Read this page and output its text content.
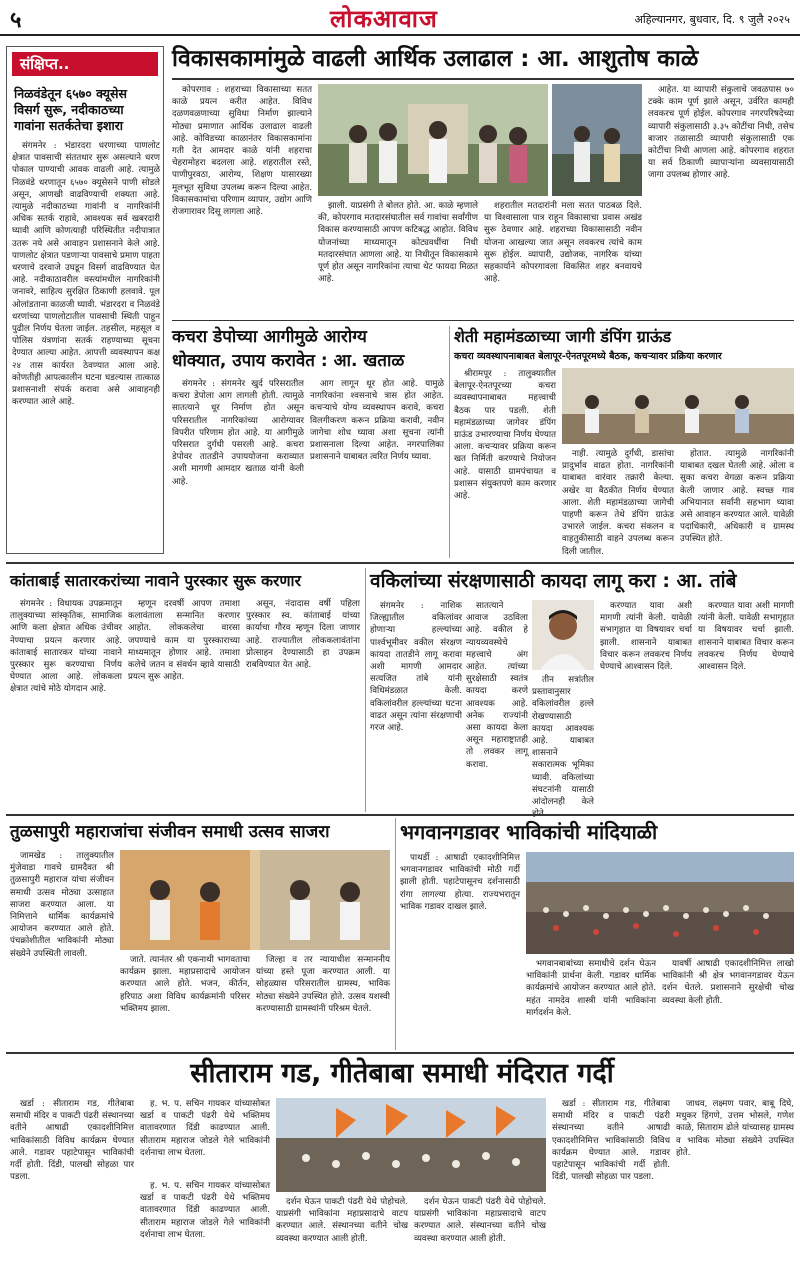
५	लोकआवाज	अहिल्यानगर, बुधवार, दि. ९ जुलै २०२५
संक्षिप्त..
निळवंडेतून ६५७० क्यूसेस
विसर्ग सुरू, नदीकाठच्या
गावांना सतर्कतेचा इशारा

संगमनेर : भंडारदरा धरणाच्या पाणलोट क्षेत्रात पावसाची संततधार सुरू असल्याने धरण पोकाल पाण्याची आवक वाढली आहे. त्यामुळे निळवंडे धरणातून ६५७० क्यूसेसने पाणी सोडले असून, आणखी वाढविण्याची शक्यता आहे. त्यामुळे नदीकाठच्या गावांनी व नागरिकांनी अधिक सतर्क राहावे, आवश्यक सर्व खबरदारी घ्यावी आणि कोणत्याही परिस्थितीत नदीपात्रात उतरू नये असे आवाहन प्रशासनाने केले आहे. पाणलोट क्षेत्रात पडणाऱ्या पावसाचे प्रमाण पाहता धरणाचे दरवाजे उघडून विसर्ग वाढविण्यात येत आहे. नदीकाठावरील वस्त्यांमधील नागरिकांनी जनावरे, साहित्य सुरक्षित ठिकाणी हलवावे. पूल ओलांडताना काळजी घ्यावी. भंडारदरा व निळवंडे धरणांच्या पाणलोटातील पावसाची स्थिती पाहून पुढील निर्णय घेतला जाईल. तहसील, महसूल व पोलिस यंत्रणांना सतर्क राहण्याच्या सूचना देण्यात आल्या आहेत. आपत्ती व्यवस्थापन कक्ष २४ तास कार्यरत ठेवण्यात आला आहे. कोणतीही आपत्कालीन घटना घडल्यास तात्काळ प्रशासनाशी संपर्क करावा असे आवाहनही करण्यात आले आहे.

विकासकामांमुळे वाढली आर्थिक उलाढाल : आ. आशुतोष काळे

कोपरगाव : शहराच्या विकासाच्या सतत काळे प्रयत्न करीत आहेत. विविध दळणवळणाच्या सुविधा निर्माण झाल्याने मोठ्या प्रमाणात आर्थिक उलाढाल वाढली आहे. कोविडच्या काळानंतर विकासकामांना गती देत आमदार काळे यांनी शहराचा चेहरामोहरा बदलला आहे. शहरातील रस्ते, पाणीपुरवठा, आरोग्य, शिक्षण यासारख्या मूलभूत सुविधा उपलब्ध करून दिल्या आहेत. विकासकामांचा परिणाम व्यापार, उद्योग आणि रोजगारावर दिसू लागला आहे.

झाली. याप्रसंगी ते बोलत होते. आ. काळे म्हणाले की, कोपरगाव मतदारसंघातील सर्व गावांचा सर्वांगीण विकास करण्यासाठी आपण कटिबद्ध आहोत. विविध योजनांच्या माध्यमातून कोट्यवधींचा निधी मतदारसंघात आणला आहे. या निधीतून विकासकामे पूर्ण होत असून नागरिकांना त्याचा थेट फायदा मिळत आहे.

शहरातील मतदारांनी मला सतत पाठबळ दिले. या विश्वासाला पात्र राहून विकासाचा प्रवास अखंड सुरू ठेवणार आहे. शहराच्या विकासासाठी नवीन योजना आखल्या जात असून लवकरच त्यांचे काम सुरू होईल. व्यापारी, उद्योजक, नागरिक यांच्या सहकार्याने कोपरगावला विकसित शहर बनवायचे आहे.

आहेत. या व्यापारी संकुलाचे जवळपास ७० टक्के काम पूर्ण झाले असून, उर्वरित कामही लवकरच पूर्ण होईल. कोपरगाव नगरपरिषदेच्या व्यापारी संकुलासाठी ३.३५ कोटींचा निधी, तसेच बाजार तळासाठी व्यापारी संकुलासाठी एक कोटींचा निधी आणला आहे. कोपरगाव शहरात या सर्व ठिकाणी व्यापाऱ्यांना व्यवसायासाठी जागा उपलब्ध होणार आहे.

कचरा डेपोच्या आगीमुळे आरोग्य
धोक्यात, उपाय करावेत : आ. खताळ

संगमनेर : संगमनेर खुर्द परिसरातील कचरा डेपोला आग लागली होती. त्यामुळे सातत्याने धूर निर्माण होत असून परिसरातील नागरिकांच्या आरोग्यावर विपरीत परिणाम होत आहे. या आगीमुळे परिसरात दुर्गंधी पसरली आहे. कचरा डेपोवर तातडीने उपाययोजना कराव्यात अशी मागणी आमदार खताळ यांनी केली आहे.

आग लागून धूर होत आहे. यामुळे नागरिकांना श्वसनाचे त्रास होत आहेत. कचऱ्याचे योग्य व्यवस्थापन करावे, कचरा विलगीकरण करून प्रक्रिया करावी, नवीन जागेचा शोध घ्यावा अशा सूचना त्यांनी प्रशासनाला दिल्या आहेत. नगरपालिका प्रशासनाने याबाबत त्वरित निर्णय घ्यावा.

शेती महामंडळाच्या जागी डंपिंग ग्राऊंड
कचरा व्यवस्थापनाबाबत बेलापूर-ऐनतपूरमध्ये बैठक, कचऱ्यावर प्रक्रिया करणार

श्रीरामपूर : तालुक्यातील बेलापूर-ऐनतपूरच्या कचरा व्यवस्थापनाबाबत महत्त्वाची बैठक पार पडली. शेती महामंडळाच्या जागेवर डंपिंग ग्राऊंड उभारण्याचा निर्णय घेण्यात आला. कचऱ्यावर प्रक्रिया करून खत निर्मिती करण्याचे नियोजन आहे. यासाठी ग्रामपंचायत व प्रशासन संयुक्तपणे काम करणार आहे.

नाही. त्यामुळे दुर्गंधी, डासांचा प्रादुर्भाव वाढत होता. नागरिकांनी याबाबत वारंवार तक्रारी केल्या. अखेर या बैठकीत निर्णय घेण्यात आला. शेती महामंडळाच्या जागेची पाहणी करून तेथे डंपिंग ग्राऊंड उभारले जाईल. कचरा संकलन व वाहतुकीसाठी वाहने उपलब्ध करून दिली जातील.

होतात. त्यामुळे नागरिकांनी याबाबत दखल घेतली आहे. ओला व सुका कचरा वेगळा करून प्रक्रिया केली जाणार आहे. स्वच्छ गाव अभियानात सर्वांनी सहभाग घ्यावा असे आवाहन करण्यात आले. यावेळी पदाधिकारी, अधिकारी व ग्रामस्थ उपस्थित होते.

कांताबाई सातारकरांच्या नावाने पुरस्कार सुरू करणार

संगमनेर : विधायक उपक्रमातून तालुक्याच्या सांस्कृतिक, सामाजिक आणि कला क्षेत्रात अधिक उंचीवर नेण्याचा प्रयत्न करणार आहे. कांताबाई सातारकर यांच्या नावाने पुरस्कार सुरू करण्याचा निर्णय घेण्यात आला आहे. लोककला क्षेत्रात त्यांचे मोठे योगदान आहे.

म्हणून दरवर्षी आपण तमाशा कलावंताला सन्मानित करणार आहोत. लोककलेचा वारसा जपण्याचे काम या पुरस्काराच्या माध्यमातून होणार आहे. तमाशा कलेचे जतन व संवर्धन व्हावे यासाठी प्रयत्न सुरू आहेत.

असून, नंदादास वर्षी पहिला पुरस्कार स्व. कांताबाई यांच्या कार्याचा गौरव म्हणून दिला जाणार आहे. राज्यातील लोककलावंतांना प्रोत्साहन देण्यासाठी हा उपक्रम राबविण्यात येत आहे.

वकिलांच्या संरक्षणासाठी कायदा लागू करा : आ. तांबे

संगमनेर : नाशिक जिल्ह्यातील वकिलांवर होणाऱ्या हल्ल्यांच्या पार्श्वभूमीवर वकील संरक्षण कायदा तातडीने लागू करावा अशी मागणी आमदार सत्यजित तांबे यांनी विधिमंडळात केली. वकिलांवरील हल्ल्यांच्या घटना वाढत असून त्यांना संरक्षणाची गरज आहे.

सातत्याने आवाज उठविला आहे. वकील हे न्यायव्यवस्थेचे महत्त्वाचे अंग आहेत. त्यांच्या सुरक्षेसाठी स्वतंत्र कायदा करणे आवश्यक आहे. अनेक राज्यांनी असा कायदा केला असून महाराष्ट्रातही तो लवकर लागू करावा.

तीन सत्रांतील प्रस्तावानुसार वकिलांवरील हल्ले रोखण्यासाठी कायदा आवश्यक आहे. याबाबत शासनाने सकारात्मक भूमिका घ्यावी. वकिलांच्या संघटनांनी यासाठी आंदोलनही केले

करण्यात यावा अशी मागणी त्यांनी केली. यावेळी सभागृहात या विषयावर चर्चा झाली. शासनाने याबाबत विचार करून लवकरच निर्णय घेण्याचे आश्वासन दिले.

करण्यात यावा अशी मागणी त्यांनी केली. यावेळी सभागृहात या विषयावर चर्चा झाली. शासनाने याबाबत विचार करून लवकरच निर्णय घेण्याचे आश्वासन दिले.

तुळसापुरी महाराजांचा संजीवन समाधी उत्सव साजरा

जामखेड : तालुक्यातील मुंजेवाडा गावचे ग्रामदैवत श्री तुळसापुरी महाराज यांचा संजीवन समाधी उत्सव मोठ्या उत्साहात साजरा करण्यात आला. या निमित्ताने धार्मिक कार्यक्रमांचे आयोजन करण्यात आले होते. पंचक्रोशीतील भाविकांनी मोठ्या संख्येने उपस्थिती लावली.

जाते. त्यानंतर श्री एकनाथी भागवताचा कार्यक्रम झाला. महाप्रसादाचे आयोजन करण्यात आले होते. भजन, कीर्तन, हरिपाठ अशा विविध कार्यक्रमांनी परिसर भक्तिमय झाला.

जिल्हा व तर न्यायाधीश सन्माननीय यांच्या हस्ते पूजा करण्यात आली. या सोहळ्यास परिसरातील ग्रामस्थ, भाविक मोठ्या संख्येने उपस्थित होते. उत्सव यशस्वी करण्यासाठी ग्रामस्थांनी परिश्रम घेतले.

भगवानगडावर भाविकांची मांदियाळी

पाथर्डी : आषाढी एकादशीनिमित्त भगवानगडावर भाविकांची मोठी गर्दी झाली होती. पहाटेपासूनच दर्शनासाठी रांगा लागल्या होत्या. राज्यभरातून भाविक गडावर दाखल झाले.

भगवानबाबांच्या समाधीचे दर्शन घेऊन भाविकांनी प्रार्थना केली. गडावर धार्मिक कार्यक्रमांचे आयोजन करण्यात आले होते. महंत नामदेव शास्त्री यांनी भाविकांना मार्गदर्शन केले.

यावर्षी आषाढी एकादशीनिमित्त लाखो भाविकांनी श्री क्षेत्र भगवानगडावर येऊन दर्शन घेतले. प्रशासनाने सुरक्षेची चोख व्यवस्था केली होती.

सीताराम गड, गीतेबाबा समाधी मंदिरात गर्दी

खर्डा : सीताराम गड, गीतेबाबा समाधी मंदिर व पाकटी पंढरी संस्थानच्या वतीने आषाढी एकादशीनिमित्त भाविकांसाठी विविध कार्यक्रम घेण्यात आले. गडावर पहाटेपासून भाविकांची गर्दी होती. दिंडी, पालखी सोहळा पार पडला.

ह. भ. प. सचिन गायकर यांच्यासोबत खर्डा व पाकटी पंढरी येथे भक्तिमय वातावरणात दिंडी काढण्यात आली. सीताराम महाराज जोडले गेले भाविकांनी दर्शनाचा लाभ घेतला.

ह. भ. प. सचिन गायकर यांच्यासोबत खर्डा व पाकटी पंढरी येथे भक्तिमय वातावरणात दिंडी काढण्यात आली. सीताराम महाराज जोडले गेले भाविकांनी दर्शनाचा लाभ घेतला.

दर्शन घेऊन पाकटी पंढरी येथे पोहोचले. याप्रसंगी भाविकांना महाप्रसादाचे वाटप करण्यात आले. संस्थानच्या वतीने चोख व्यवस्था करण्यात आली होती.

दर्शन घेऊन पाकटी पंढरी येथे पोहोचले. याप्रसंगी भाविकांना महाप्रसादाचे वाटप करण्यात आले. संस्थानच्या वतीने चोख व्यवस्था करण्यात आली होती.

खर्डा : सीताराम गड, गीतेबाबा समाधी मंदिर व पाकटी पंढरी संस्थानच्या वतीने आषाढी एकादशीनिमित्त भाविकांसाठी विविध कार्यक्रम घेण्यात आले. गडावर पहाटेपासून भाविकांची गर्दी होती. दिंडी, पालखी सोहळा पार पडला.

जाधव, लक्ष्मण पवार, बाबू दिघे, मधुकर हिंगणे, उत्तम भोसले, गणेश काळे, सिताराम ढोले यांच्यासह ग्रामस्थ व भाविक मोठ्या संख्येने उपस्थित होते.
